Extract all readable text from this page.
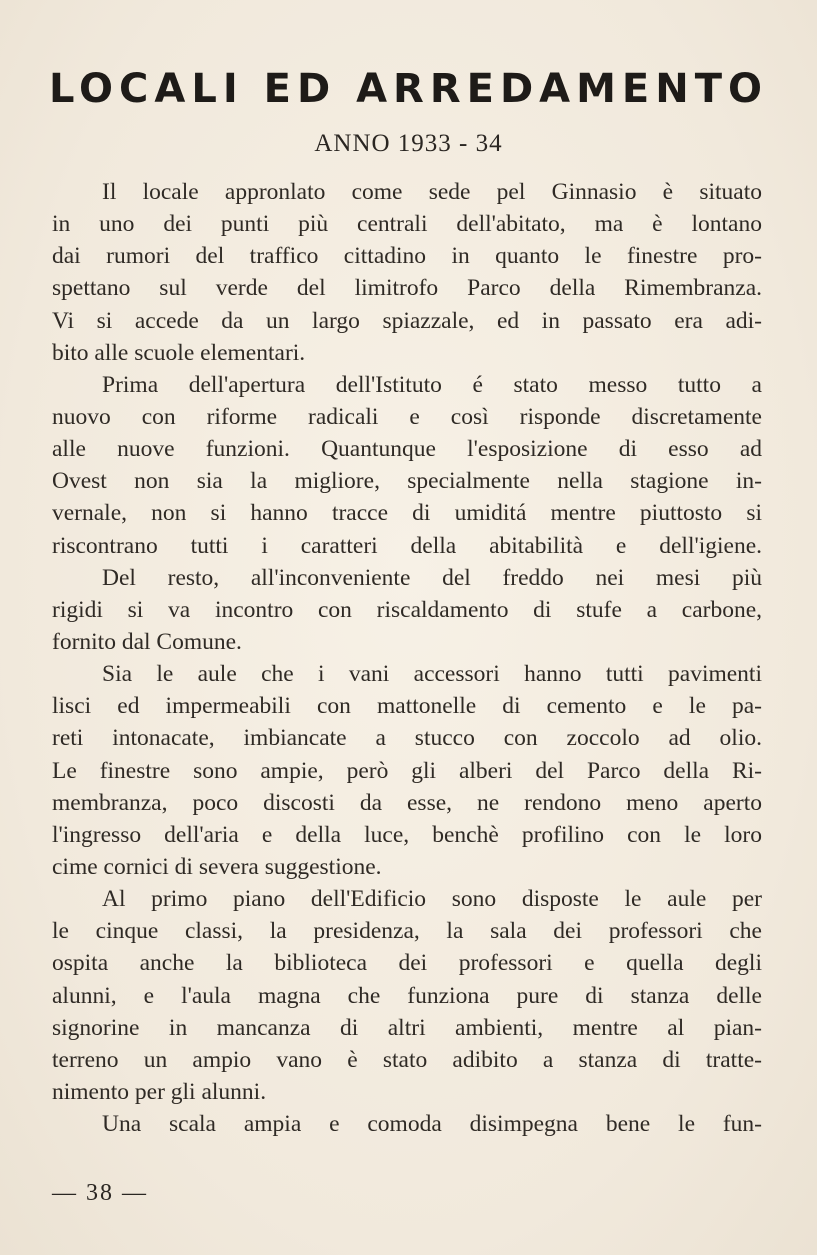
LOCALI ED ARREDAMENTO
ANNO 1933 - 34
Il locale appronlato come sede pel Ginnasio è situato
in uno dei punti più centrali dell'abitato, ma è lontano
dai rumori del traffico cittadino in quanto le finestre pro-
spettano sul verde del limitrofo Parco della Rimembranza.
Vi si accede da un largo spiazzale, ed in passato era adi-
bito alle scuole elementari.
Prima dell'apertura dell'Istituto é stato messo tutto a
nuovo con riforme radicali e così risponde discretamente
alle nuove funzioni. Quantunque l'esposizione di esso ad
Ovest non sia la migliore, specialmente nella stagione in-
vernale, non si hanno tracce di umiditá mentre piuttosto si
riscontrano tutti i caratteri della abitabilità e dell'igiene.
Del resto, all'inconveniente del freddo nei mesi più
rigidi si va incontro con riscaldamento di stufe a carbone,
fornito dal Comune.
Sia le aule che i vani accessori hanno tutti pavimenti
lisci ed impermeabili con mattonelle di cemento e le pa-
reti intonacate, imbiancate a stucco con zoccolo ad olio.
Le finestre sono ampie, però gli alberi del Parco della Ri-
membranza, poco discosti da esse, ne rendono meno aperto
l'ingresso dell'aria e della luce, benchè profilino con le loro
cime cornici di severa suggestione.
Al primo piano dell'Edificio sono disposte le aule per
le cinque classi, la presidenza, la sala dei professori che
ospita anche la biblioteca dei professori e quella degli
alunni, e l'aula magna che funziona pure di stanza delle
signorine in mancanza di altri ambienti, mentre al pian-
terreno un ampio vano è stato adibito a stanza di tratte-
nimento per gli alunni.
Una scala ampia e comoda disimpegna bene le fun-
— 38 —
